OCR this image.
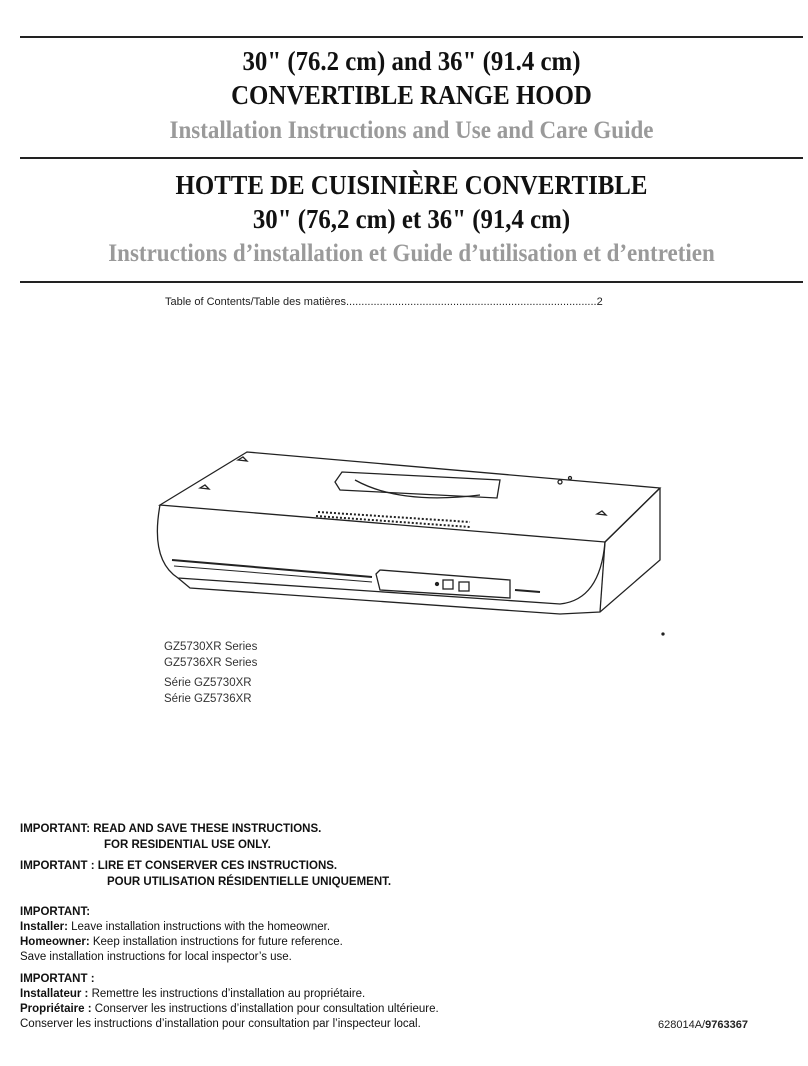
30" (76.2 cm) and 36" (91.4 cm)
CONVERTIBLE RANGE HOOD
Installation Instructions and Use and Care Guide
HOTTE DE CUISINIÈRE CONVERTIBLE
30" (76,2 cm) et 36" (91,4 cm)
Instructions d’installation et Guide d’utilisation et d’entretien
Table of Contents/Table des matières..................................................................................2
GZ5730XR Series
GZ5736XR Series
Série GZ5730XR
Série GZ5736XR
IMPORTANT: READ AND SAVE THESE INSTRUCTIONS.
FOR RESIDENTIAL USE ONLY.
IMPORTANT : LIRE ET CONSERVER CES INSTRUCTIONS.
POUR UTILISATION RÉSIDENTIELLE UNIQUEMENT.
IMPORTANT:
Installer: Leave installation instructions with the homeowner.
Homeowner: Keep installation instructions for future reference.
Save installation instructions for local inspector’s use.
IMPORTANT :
Installateur : Remettre les instructions d’installation au propriétaire.
Propriétaire : Conserver les instructions d’installation pour consultation ultérieure.
Conserver les instructions d’installation pour consultation par l’inspecteur local.	628014A/9763367
